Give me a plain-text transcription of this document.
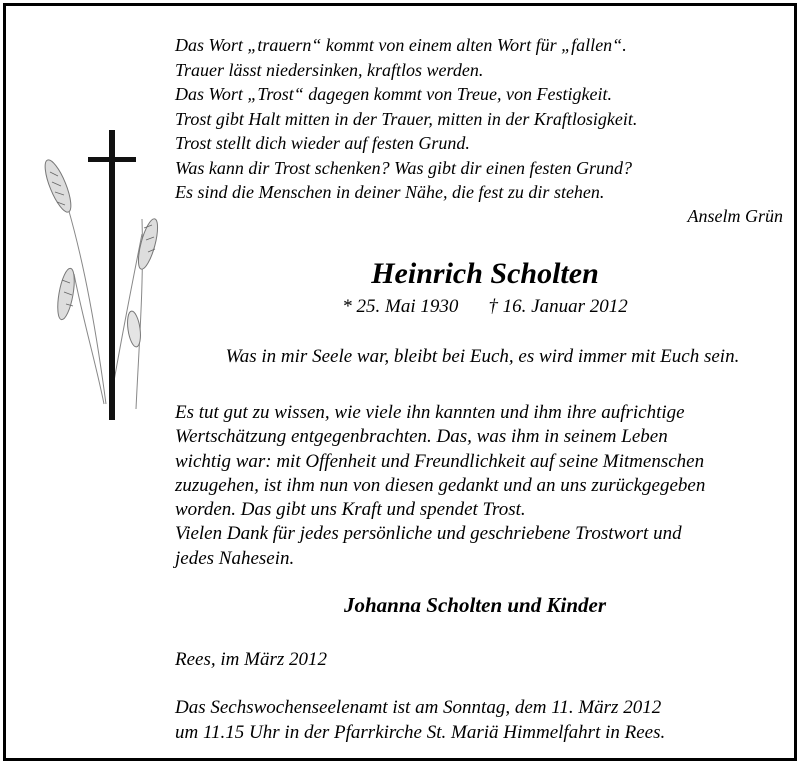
Das Wort „trauern“ kommt von einem alten Wort für „fallen“.
Trauer lässt niedersinken, kraftlos werden.
Das Wort „Trost“ dagegen kommt von Treue, von Festigkeit.
Trost gibt Halt mitten in der Trauer, mitten in der Kraftlosigkeit.
Trost stellt dich wieder auf festen Grund.
Was kann dir Trost schenken? Was gibt dir einen festen Grund?
Es sind die Menschen in deiner Nähe, die fest zu dir stehen.
Anselm Grün
Heinrich Scholten
* 25. Mai 1930 † 16. Januar 2012
Was in mir Seele war, bleibt bei Euch, es wird immer mit Euch sein.
Es tut gut zu wissen, wie viele ihn kannten und ihm ihre aufrichtige
Wertschätzung entgegenbrachten. Das, was ihm in seinem Leben
wichtig war: mit Offenheit und Freundlichkeit auf seine Mitmenschen
zuzugehen, ist ihm nun von diesen gedankt und an uns zurückgegeben
worden. Das gibt uns Kraft und spendet Trost.
Vielen Dank für jedes persönliche und geschriebene Trostwort und
jedes Nahesein.
Johanna Scholten und Kinder
Rees, im März 2012
Das Sechswochenseelenamt ist am Sonntag, dem 11. März 2012
um 11.15 Uhr in der Pfarrkirche St. Mariä Himmelfahrt in Rees.
